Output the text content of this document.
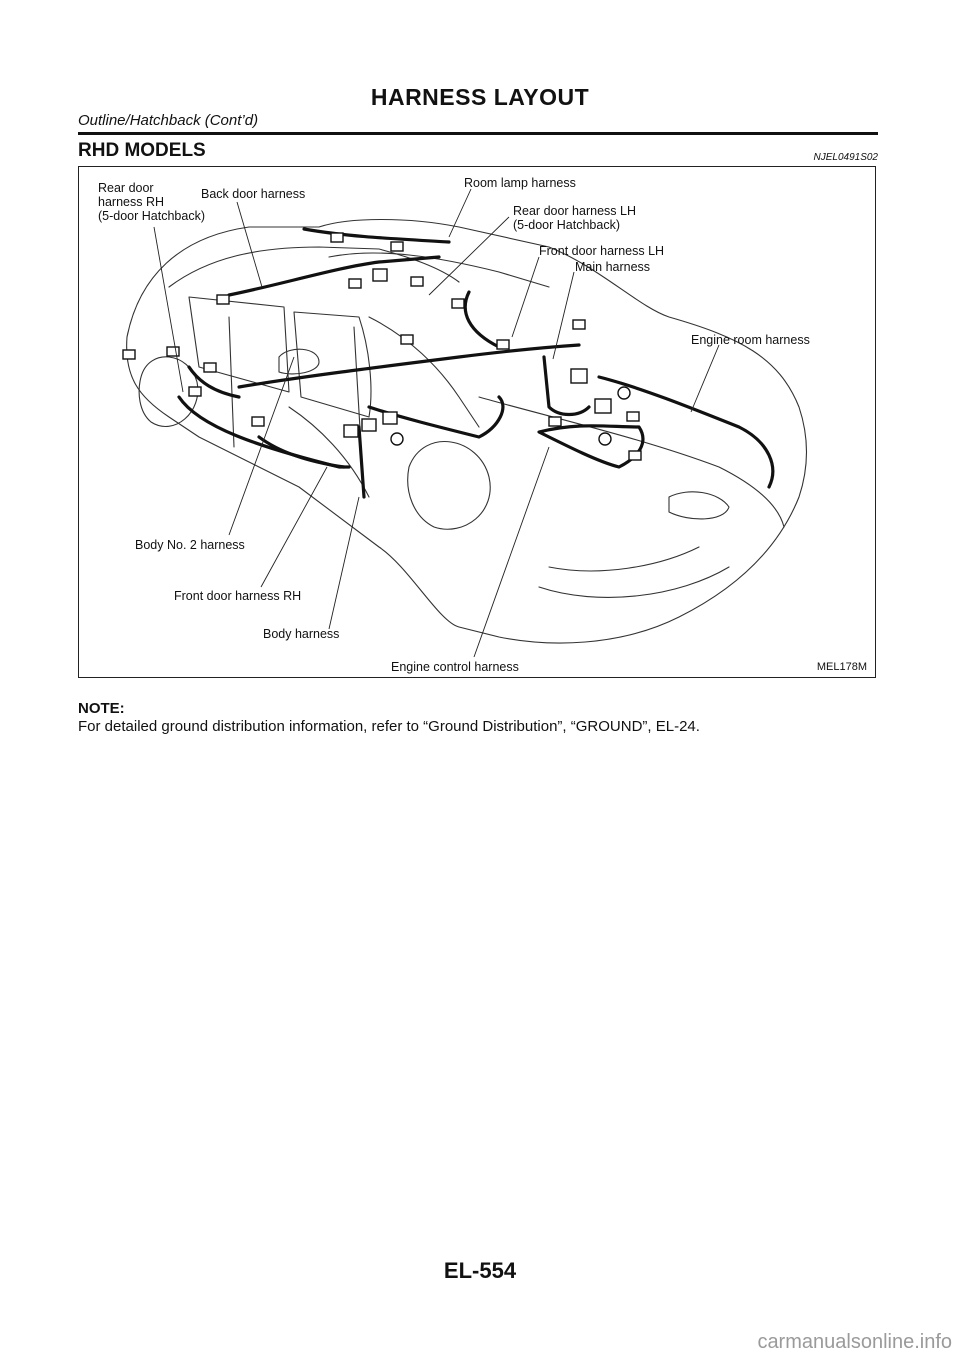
HARNESS LAYOUT
Outline/Hatchback (Cont’d)
RHD MODELS	NJEL0491S02
Rear door
harness RH
(5-door Hatchback)
Back door harness
Room lamp harness
Rear door harness LH
(5-door Hatchback)
Front door harness LH
Main harness
Engine room harness
Body No. 2 harness
Front door harness RH
Body harness
Engine control harness	MEL178M
NOTE:
For detailed ground distribution information, refer to “Ground Distribution”, “GROUND”, EL-24.
EL-554
carmanualsonline.info
